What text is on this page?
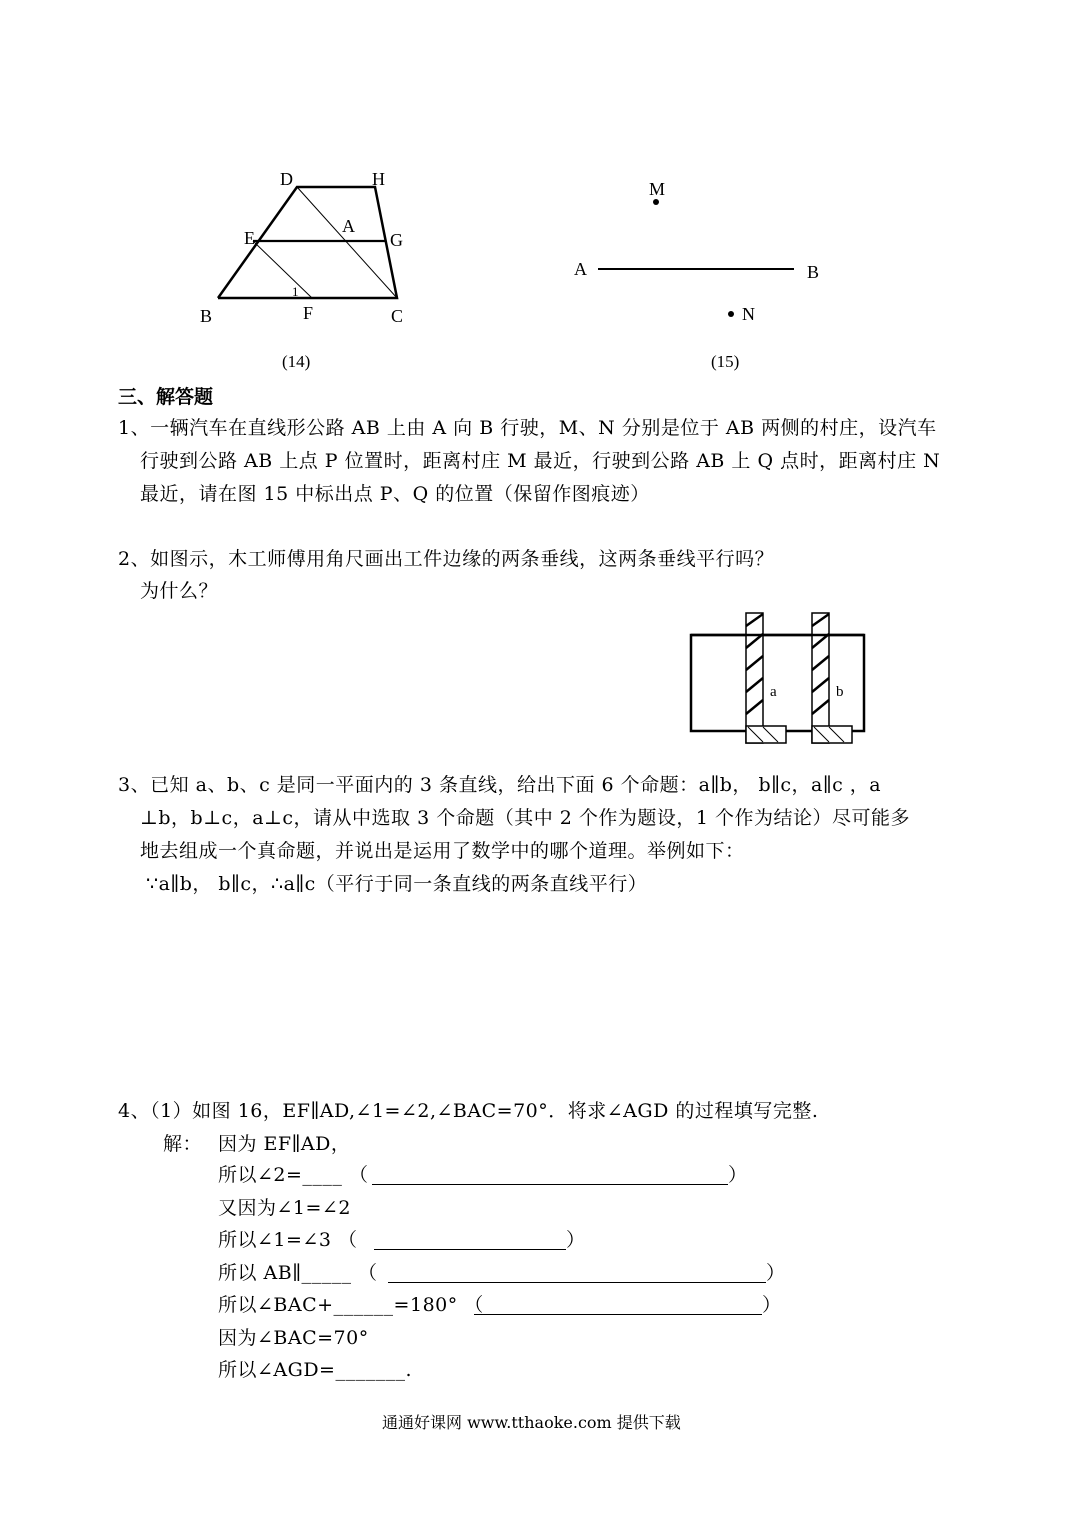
D	H
E
A
G
B	F	C
1
(14)
M
A	B
N
(15)
三、解答题
1、一辆汽车在直线形公路 AB 上由 A 向 B 行驶，M、N 分别是位于 AB 两侧的村庄，设汽车
行驶到公路 AB 上点 P 位置时，距离村庄 M 最近，行驶到公路 AB 上 Q 点时，距离村庄 N
最近，请在图 15 中标出点 P、Q 的位置（保留作图痕迹）
2、如图示，木工师傅用角尺画出工件边缘的两条垂线，这两条垂线平行吗？
为什么？
a	b
3、已知 a、b、c 是同一平面内的 3 条直线，给出下面 6 个命题：a∥b， b∥c，a∥c ，a
⊥b，b⊥c，a⊥c，请从中选取 3 个命题（其中 2 个作为题设，1 个作为结论）尽可能多
地去组成一个真命题，并说出是运用了数学中的哪个道理。举例如下：
∵a∥b， b∥c，∴a∥c（平行于同一条直线的两条直线平行）
4、（1）如图 16，EF∥AD,∠1=∠2,∠BAC=70°．将求∠AGD 的过程填写完整.
解： 因为 EF∥AD，
所以∠2=____ （	）
又因为∠1=∠2
所以∠1=∠3 （	）
所以 AB∥_____ （	）
所以∠BAC+______=180° （	）
因为∠BAC=70°
所以∠AGD=_______.
通通好课网 www.tthaoke.com 提供下载
